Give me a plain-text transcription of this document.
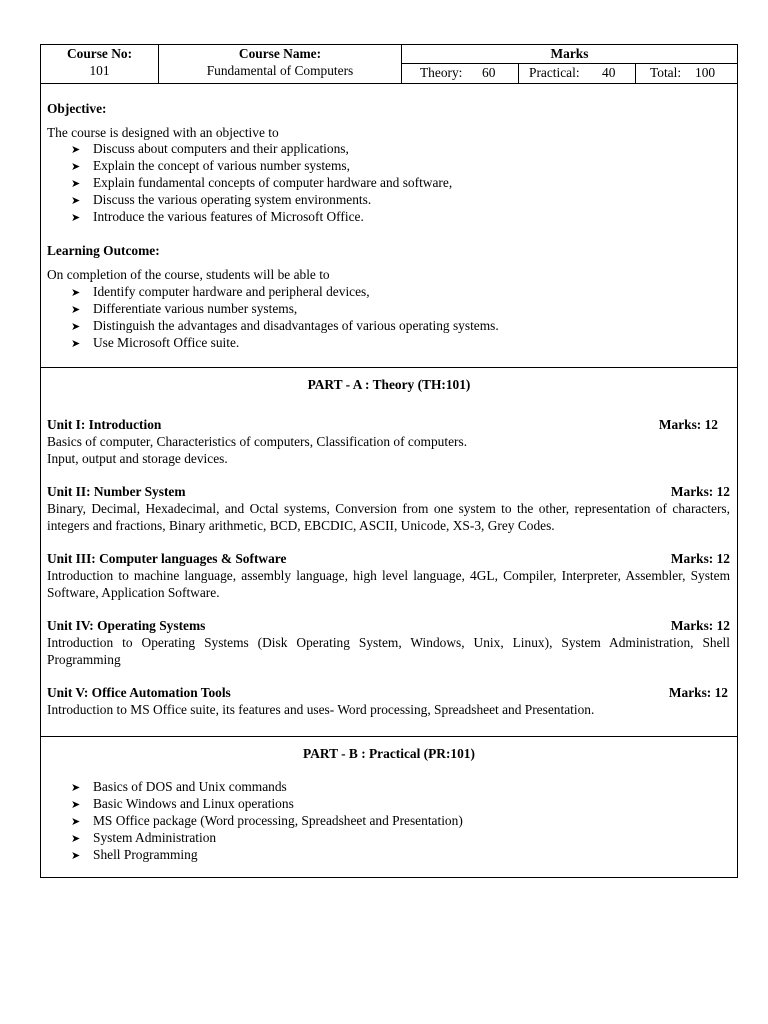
Course No:
101
Course Name:
Fundamental of Computers
Marks
Theory: 60	Practical: 40	Total: 100
Objective:
The course is designed with an objective to
➤ Discuss about computers and their applications,
➤ Explain the concept of various number systems,
➤ Explain fundamental concepts of computer hardware and software,
➤ Discuss the various operating system environments.
➤ Introduce the various features of Microsoft Office.
Learning Outcome:
On completion of the course, students will be able to
➤ Identify computer hardware and peripheral devices,
➤ Differentiate various number systems,
➤ Distinguish the advantages and disadvantages of various operating systems.
➤ Use Microsoft Office suite.
PART - A : Theory (TH:101)
Unit I: Introduction	Marks: 12
Basics of computer, Characteristics of computers, Classification of computers.
Input, output and storage devices.
Unit II: Number System	Marks: 12
Binary, Decimal, Hexadecimal, and Octal systems, Conversion from one system to the other, representation of characters, integers and fractions, Binary arithmetic, BCD, EBCDIC, ASCII, Unicode, XS-3, Grey Codes.
Unit III: Computer languages & Software	Marks: 12
Introduction to machine language, assembly language, high level language, 4GL, Compiler, Interpreter, Assembler, System Software, Application Software.
Unit IV: Operating Systems	Marks: 12
Introduction to Operating Systems (Disk Operating System, Windows, Unix, Linux), System Administration, Shell Programming
Unit V: Office Automation Tools	Marks: 12
Introduction to MS Office suite, its features and uses- Word processing, Spreadsheet and Presentation.
PART - B : Practical (PR:101)
➤ Basics of DOS and Unix commands
➤ Basic Windows and Linux operations
➤ MS Office package (Word processing, Spreadsheet and Presentation)
➤ System Administration
➤ Shell Programming
